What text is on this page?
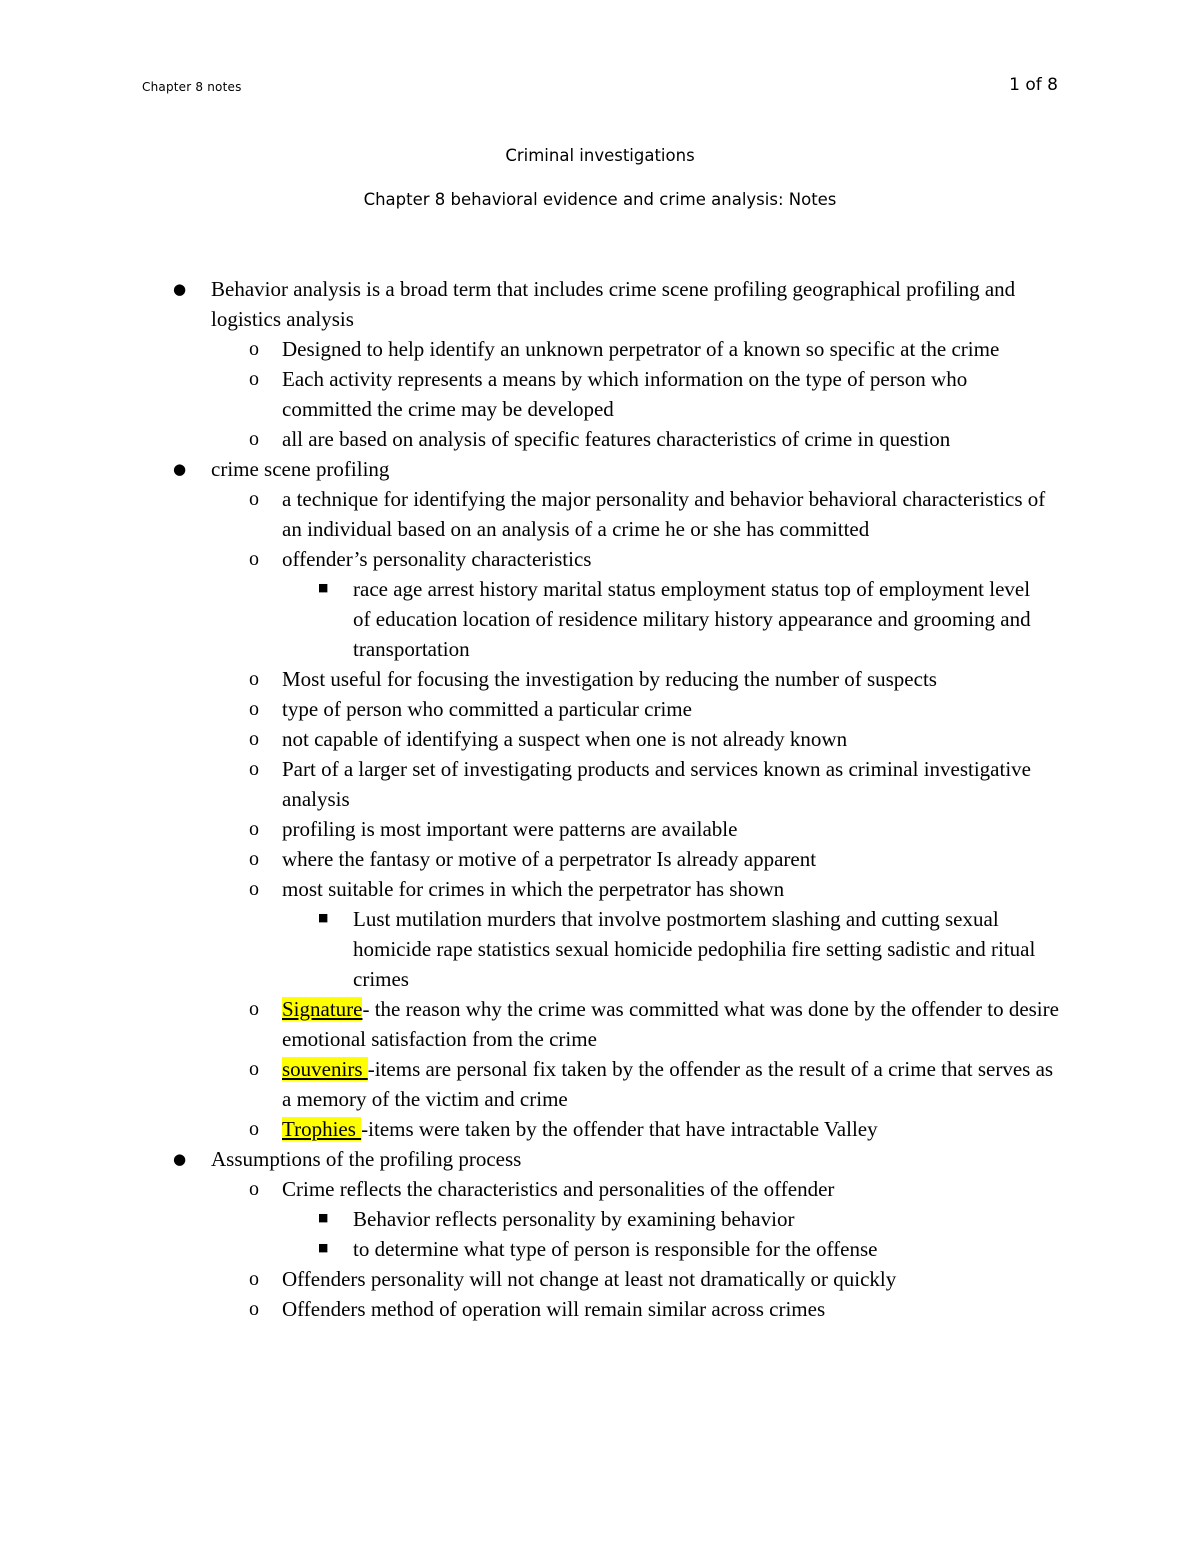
Chapter 8 notes	1 of 8
Criminal investigations
Chapter 8 behavioral evidence and crime analysis: Notes
● Behavior analysis is a broad term that includes crime scene profiling geographical profiling and logistics analysis
o Designed to help identify an unknown perpetrator of a known so specific at the crime
o Each activity represents a means by which information on the type of person who committed the crime may be developed
o all are based on analysis of specific features characteristics of crime in question
● crime scene profiling
o a technique for identifying the major personality and behavior behavioral characteristics of an individual based on an analysis of a crime he or she has committed
o offender’s personality characteristics
■ race age arrest history marital status employment status top of employment level of education location of residence military history appearance and grooming and transportation
o Most useful for focusing the investigation by reducing the number of suspects
o type of person who committed a particular crime
o not capable of identifying a suspect when one is not already known
o Part of a larger set of investigating products and services known as criminal investigative analysis
o profiling is most important were patterns are available
o where the fantasy or motive of a perpetrator Is already apparent
o most suitable for crimes in which the perpetrator has shown
■ Lust mutilation murders that involve postmortem slashing and cutting sexual homicide rape statistics sexual homicide pedophilia fire setting sadistic and ritual crimes
o Signature- the reason why the crime was committed what was done by the offender to desire emotional satisfaction from the crime
o souvenirs -items are personal fix taken by the offender as the result of a crime that serves as a memory of the victim and crime
o Trophies -items were taken by the offender that have intractable Valley
● Assumptions of the profiling process
o Crime reflects the characteristics and personalities of the offender
■ Behavior reflects personality by examining behavior
■ to determine what type of person is responsible for the offense
o Offenders personality will not change at least not dramatically or quickly
o Offenders method of operation will remain similar across crimes
